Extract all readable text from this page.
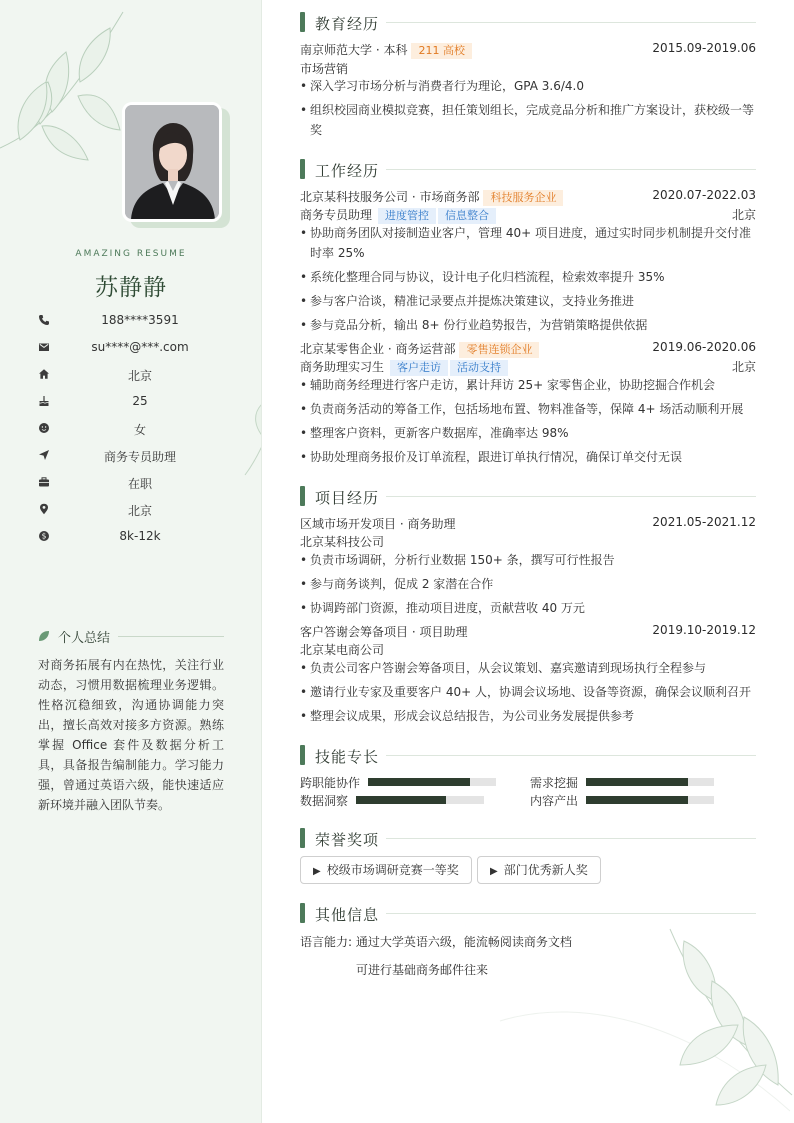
AMAZING RESUME
苏静静
188****3591
su****@***.com
北京
25
女
商务专员助理
在职
北京
$	8k-12k
个人总结
对商务拓展有内在热忱，关注行业动态，习惯用数据梳理业务逻辑。性格沉稳细致，沟通协调能力突出，擅长高效对接多方资源。熟练掌握 Office 套件及数据分析工具，具备报告编制能力。学习能力强，曾通过英语六级，能快速适应新环境并融入团队节奏。
教育经历
南京师范大学 · 本科 211 高校	2015.09-2019.06
市场营销
• 深入学习市场分析与消费者行为理论，GPA 3.6/4.0
• 组织校园商业模拟竞赛，担任策划组长，完成竞品分析和推广方案设计，获校级一等奖
工作经历
北京某科技服务公司 · 市场商务部 科技服务企业	2020.07-2022.03
商务专员助理 进度管控 信息整合	北京
• 协助商务团队对接制造业客户，管理 40+ 项目进度，通过实时同步机制提升交付准时率 25%
• 系统化整理合同与协议，设计电子化归档流程，检索效率提升 35%
• 参与客户洽谈，精准记录要点并提炼决策建议，支持业务推进
• 参与竞品分析，输出 8+ 份行业趋势报告，为营销策略提供依据
北京某零售企业 · 商务运营部 零售连锁企业	2019.06-2020.06
商务助理实习生 客户走访 活动支持	北京
• 辅助商务经理进行客户走访，累计拜访 25+ 家零售企业，协助挖掘合作机会
• 负责商务活动的筹备工作，包括场地布置、物料准备等，保障 4+ 场活动顺利开展
• 整理客户资料，更新客户数据库，准确率达 98%
• 协助处理商务报价及订单流程，跟进订单执行情况，确保订单交付无误
项目经历
区域市场开发项目 · 商务助理	2021.05-2021.12
北京某科技公司
• 负责市场调研，分析行业数据 150+ 条，撰写可行性报告
• 参与商务谈判，促成 2 家潜在合作
• 协调跨部门资源，推动项目进度，贡献营收 40 万元
客户答谢会筹备项目 · 项目助理	2019.10-2019.12
北京某电商公司
• 负责公司客户答谢会筹备项目，从会议策划、嘉宾邀请到现场执行全程参与
• 邀请行业专家及重要客户 40+ 人，协调会议场地、设备等资源，确保会议顺利召开
• 整理会议成果，形成会议总结报告，为公司业务发展提供参考
技能专长
跨职能协作	需求挖掘
数据洞察	内容产出
荣誉奖项
▶ 校级市场调研竞赛一等奖	▶ 部门优秀新人奖
其他信息
语言能力: 通过大学英语六级，能流畅阅读商务文档
可进行基础商务邮件往来
